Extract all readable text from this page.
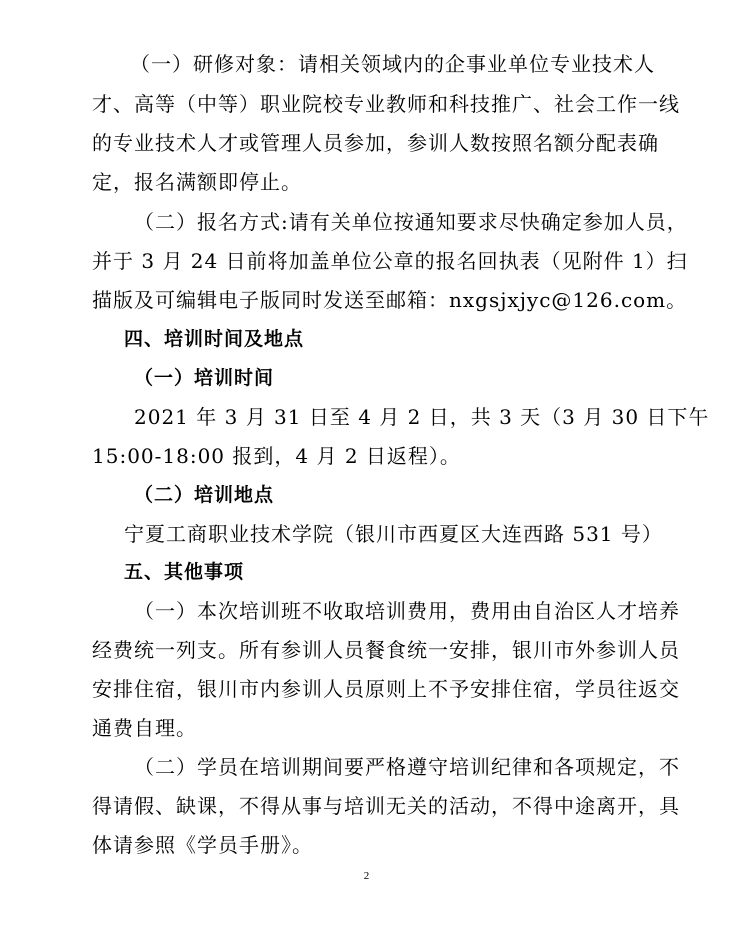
（一）研修对象：请相关领域内的企事业单位专业技术人
才、高等（中等）职业院校专业教师和科技推广、社会工作一线
的专业技术人才或管理人员参加，参训人数按照名额分配表确
定，报名满额即停止。
（二）报名方式:请有关单位按通知要求尽快确定参加人员，
并于 3 月 24 日前将加盖单位公章的报名回执表（见附件 1）扫
描版及可编辑电子版同时发送至邮箱：nxgsjxjyc@126.com。
四、培训时间及地点
（一）培训时间
2021 年 3 月 31 日至 4 月 2 日，共 3 天（3 月 30 日下午
15:00-18:00 报到，4 月 2 日返程）。
（二）培训地点
宁夏工商职业技术学院（银川市西夏区大连西路 531 号）
五、其他事项
（一）本次培训班不收取培训费用，费用由自治区人才培养
经费统一列支。所有参训人员餐食统一安排，银川市外参训人员
安排住宿，银川市内参训人员原则上不予安排住宿，学员往返交
通费自理。
（二）学员在培训期间要严格遵守培训纪律和各项规定，不
得请假、缺课，不得从事与培训无关的活动，不得中途离开，具
体请参照《学员手册》。
2
